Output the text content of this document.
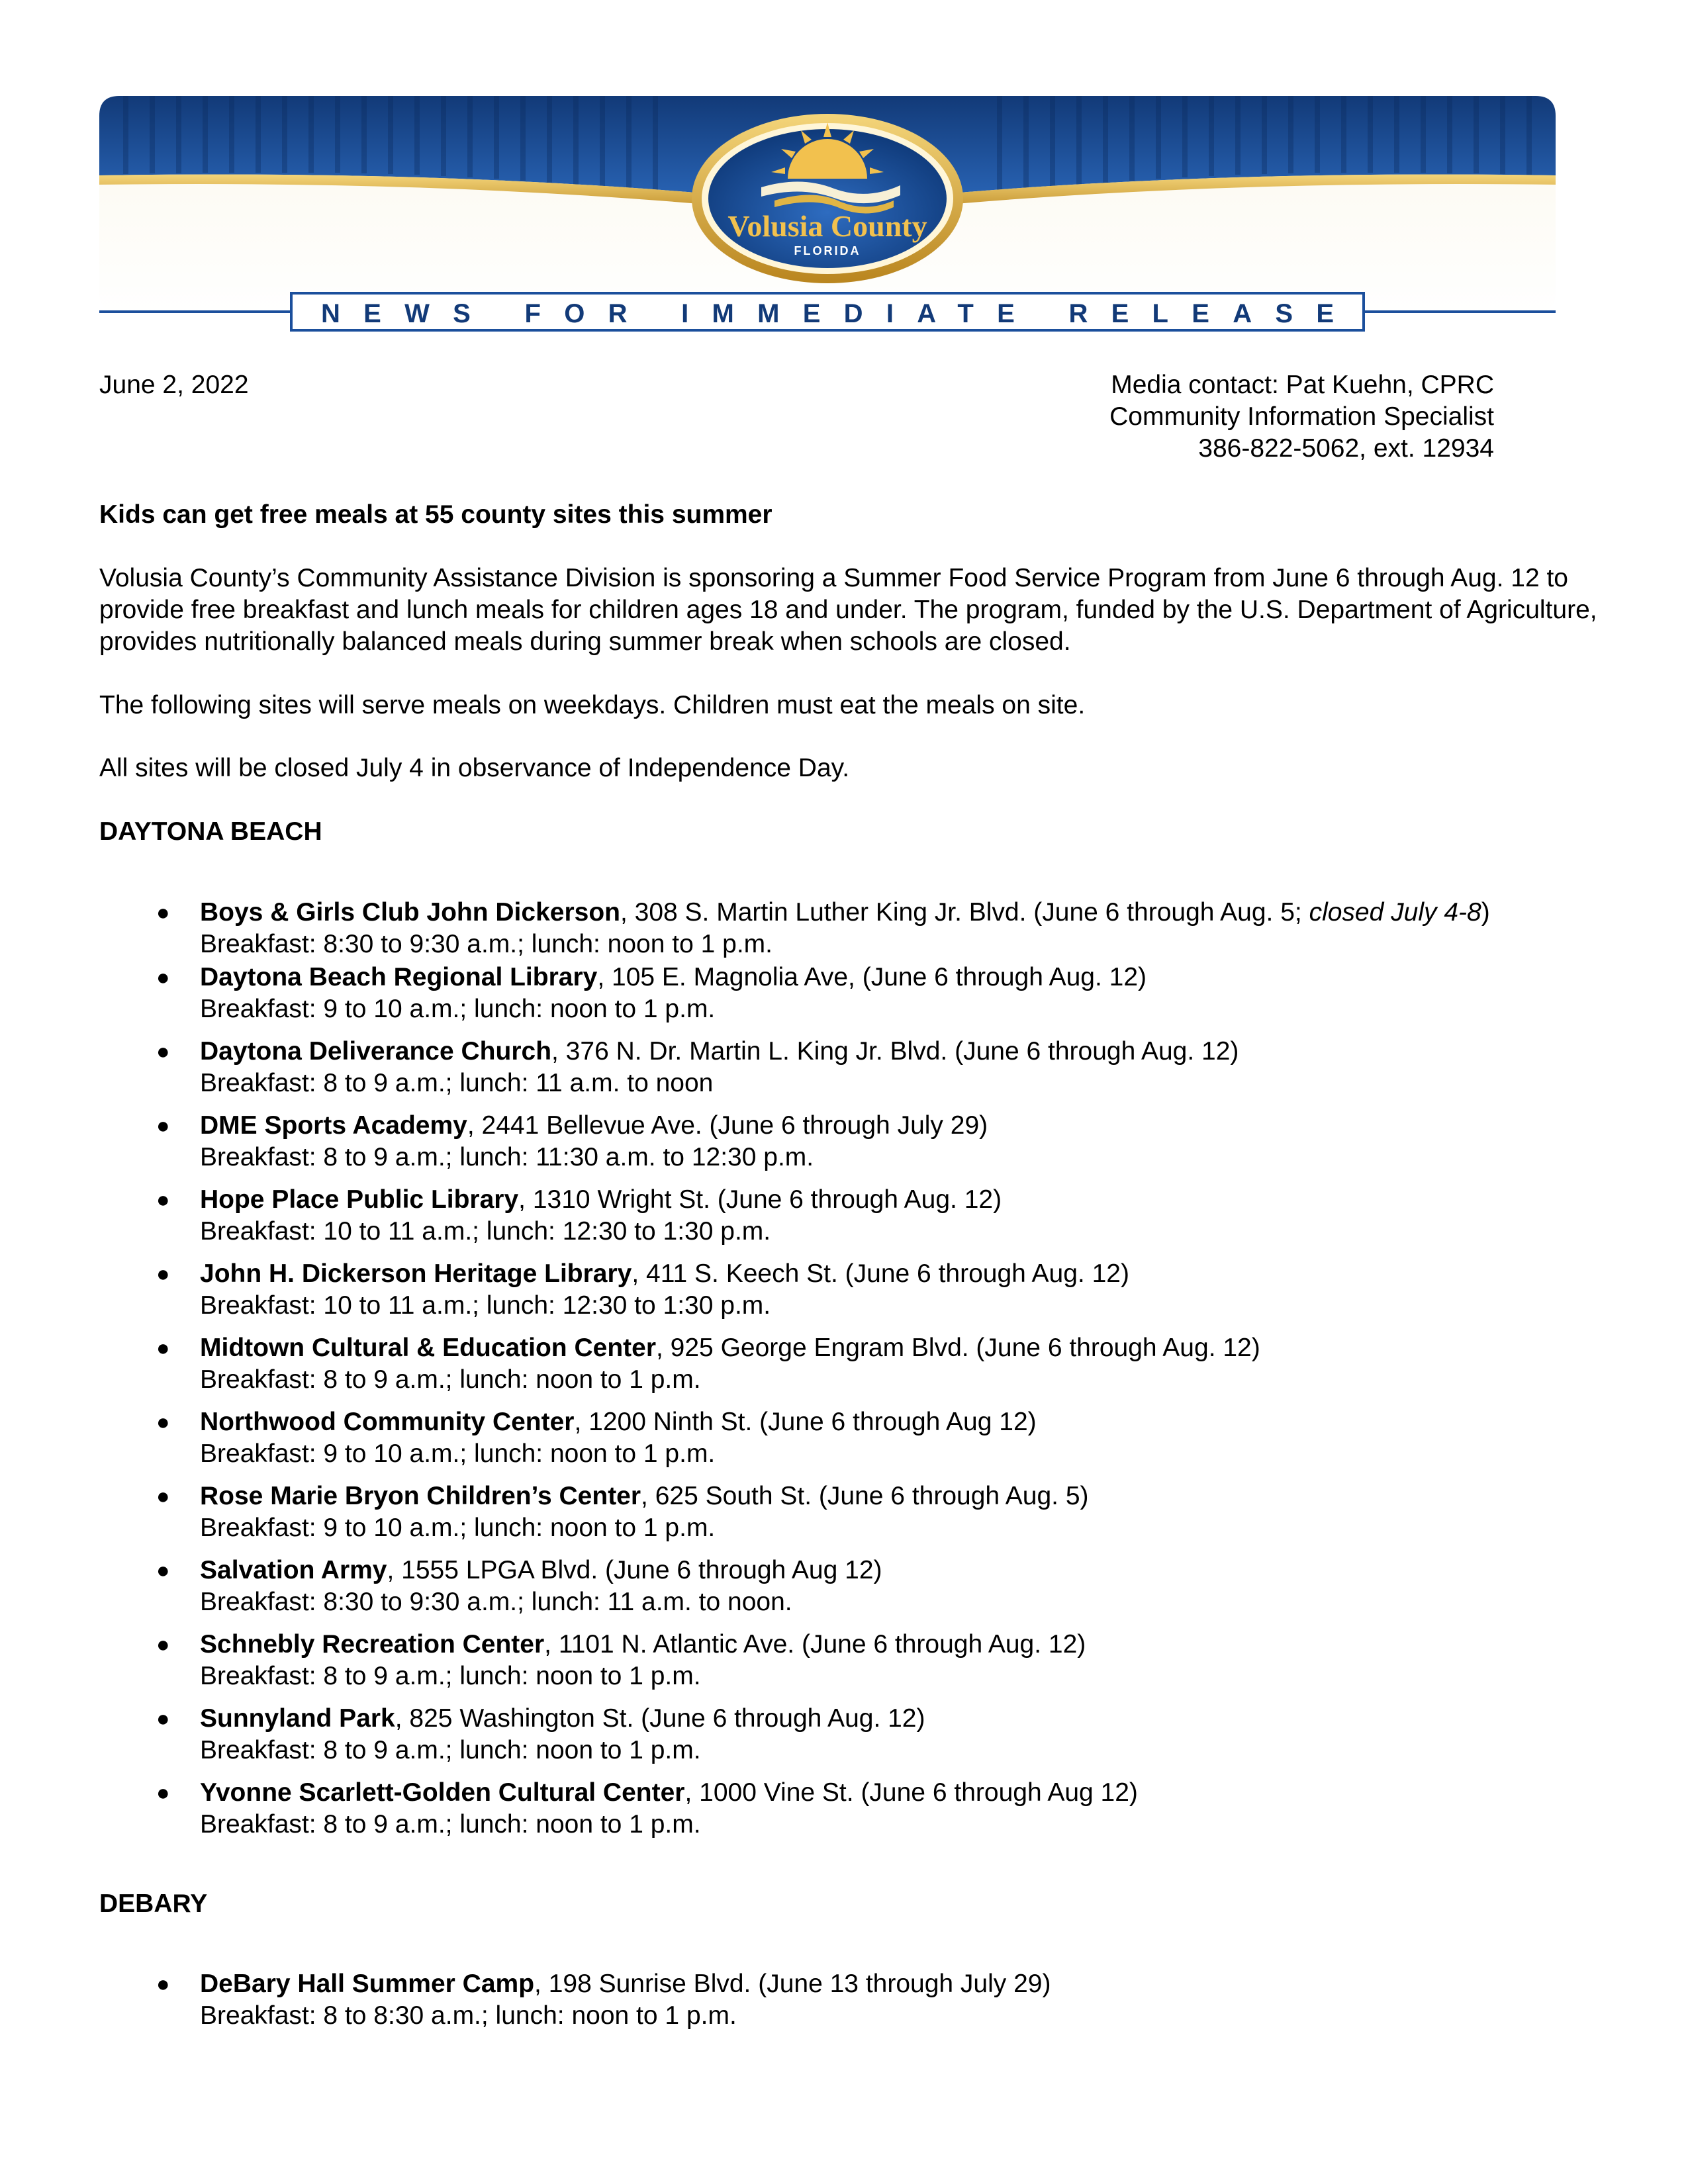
Volusia County
FLORIDA
NEWS FOR IMMEDIATE RELEASE

June 2, 2022	Media contact: Pat Kuehn, CPRC
Community Information Specialist
386-822-5062, ext. 12934

Kids can get free meals at 55 county sites this summer

Volusia County’s Community Assistance Division is sponsoring a Summer Food Service Program from June 6 through Aug. 12 to provide free breakfast and lunch meals for children ages 18 and under. The program, funded by the U.S. Department of Agriculture, provides nutritionally balanced meals during summer break when schools are closed.

The following sites will serve meals on weekdays. Children must eat the meals on site.

All sites will be closed July 4 in observance of Independence Day.

DAYTONA BEACH

● Boys & Girls Club John Dickerson, 308 S. Martin Luther King Jr. Blvd. (June 6 through Aug. 5; closed July 4-8)
Breakfast: 8:30 to 9:30 a.m.; lunch: noon to 1 p.m.
● Daytona Beach Regional Library, 105 E. Magnolia Ave, (June 6 through Aug. 12)
Breakfast: 9 to 10 a.m.; lunch: noon to 1 p.m.
● Daytona Deliverance Church, 376 N. Dr. Martin L. King Jr. Blvd. (June 6 through Aug. 12)
Breakfast: 8 to 9 a.m.; lunch: 11 a.m. to noon
● DME Sports Academy, 2441 Bellevue Ave. (June 6 through July 29)
Breakfast: 8 to 9 a.m.; lunch: 11:30 a.m. to 12:30 p.m.
● Hope Place Public Library, 1310 Wright St. (June 6 through Aug. 12)
Breakfast: 10 to 11 a.m.; lunch: 12:30 to 1:30 p.m.
● John H. Dickerson Heritage Library, 411 S. Keech St. (June 6 through Aug. 12)
Breakfast: 10 to 11 a.m.; lunch: 12:30 to 1:30 p.m.
● Midtown Cultural & Education Center, 925 George Engram Blvd. (June 6 through Aug. 12)
Breakfast: 8 to 9 a.m.; lunch: noon to 1 p.m.
● Northwood Community Center, 1200 Ninth St. (June 6 through Aug 12)
Breakfast: 9 to 10 a.m.; lunch: noon to 1 p.m.
● Rose Marie Bryon Children’s Center, 625 South St. (June 6 through Aug. 5)
Breakfast: 9 to 10 a.m.; lunch: noon to 1 p.m.
● Salvation Army, 1555 LPGA Blvd. (June 6 through Aug 12)
Breakfast: 8:30 to 9:30 a.m.; lunch: 11 a.m. to noon.
● Schnebly Recreation Center, 1101 N. Atlantic Ave. (June 6 through Aug. 12)
Breakfast: 8 to 9 a.m.; lunch: noon to 1 p.m.
● Sunnyland Park, 825 Washington St. (June 6 through Aug. 12)
Breakfast: 8 to 9 a.m.; lunch: noon to 1 p.m.
● Yvonne Scarlett-Golden Cultural Center, 1000 Vine St. (June 6 through Aug 12)
Breakfast: 8 to 9 a.m.; lunch: noon to 1 p.m.

DEBARY

● DeBary Hall Summer Camp, 198 Sunrise Blvd. (June 13 through July 29)
Breakfast: 8 to 8:30 a.m.; lunch: noon to 1 p.m.
